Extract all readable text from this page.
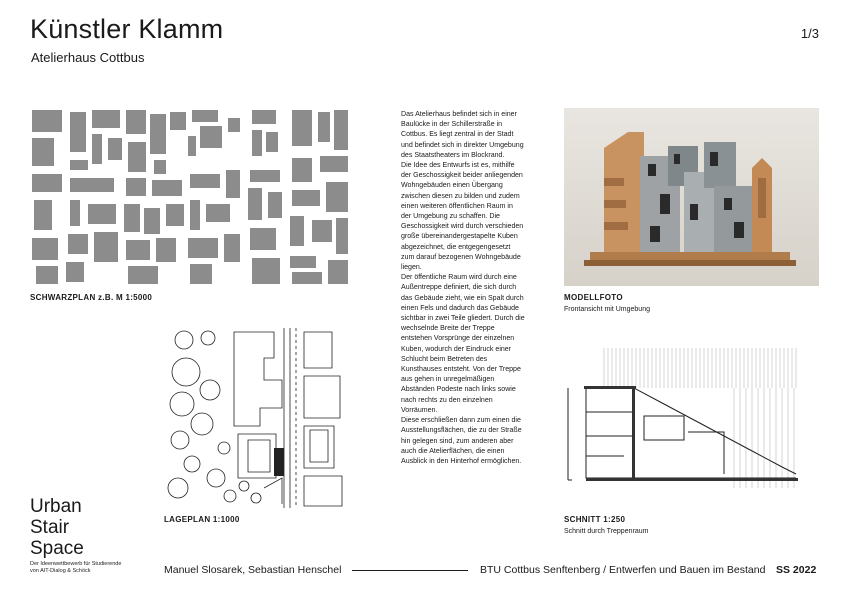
Künstler Klamm
Atelierhaus Cottbus
1/3
SCHWARZPLAN z.B. M 1:5000
LAGEPLAN 1:1000

Das Atelierhaus befindet sich in einer Baulücke in der Schillerstraße in Cottbus. Es liegt zentral in der Stadt und befindet sich in direkter Umgebung des Staatstheaters im Blockrand.

Die Idee des Entwurfs ist es, mithilfe der Geschossigkeit beider anliegenden Wohngebäuden einen Übergang zwischen diesen zu bilden und zudem einen weiteren öffentlichen Raum in der Umgebung zu schaffen. Die Geschossigkeit wird durch verschieden große übereinandergestapelte Kuben abgezeichnet, die entgegengesetzt zum darauf bezogenen Wohngebäude liegen.

Der öffentliche Raum wird durch eine Außentreppe definiert, die sich durch das Gebäude zieht, wie ein Spalt durch einen Fels und dadurch das Gebäude sichtbar in zwei Teile gliedert. Durch die wechselnde Breite der Treppe entstehen Vorsprünge der einzelnen Kuben, wodurch der Eindruck einer Schlucht beim Betreten des Kunsthauses entsteht. Von der Treppe aus gehen in unregelmäßigen Abständen Podeste nach links sowie nach rechts zu den einzelnen Vorräumen.

Diese erschließen dann zum einen die Ausstellungsflächen, die zu der Straße hin gelegen sind, zum anderen aber auch die Atelierflächen, die einen Ausblick in den Hinterhof ermöglichen.

MODELLFOTO
Frontansicht mit Umgebung
SCHNITT 1:250
Schnitt durch Treppenraum
Urban
Stair
Space
Der Ideenwettbewerb für Studierende
von AIT-Dialog & Schöck	Manuel Slosarek, Sebastian Henschel	BTU Cottbus Senftenberg / Entwerfen und Bauen im Bestand SS 2022
